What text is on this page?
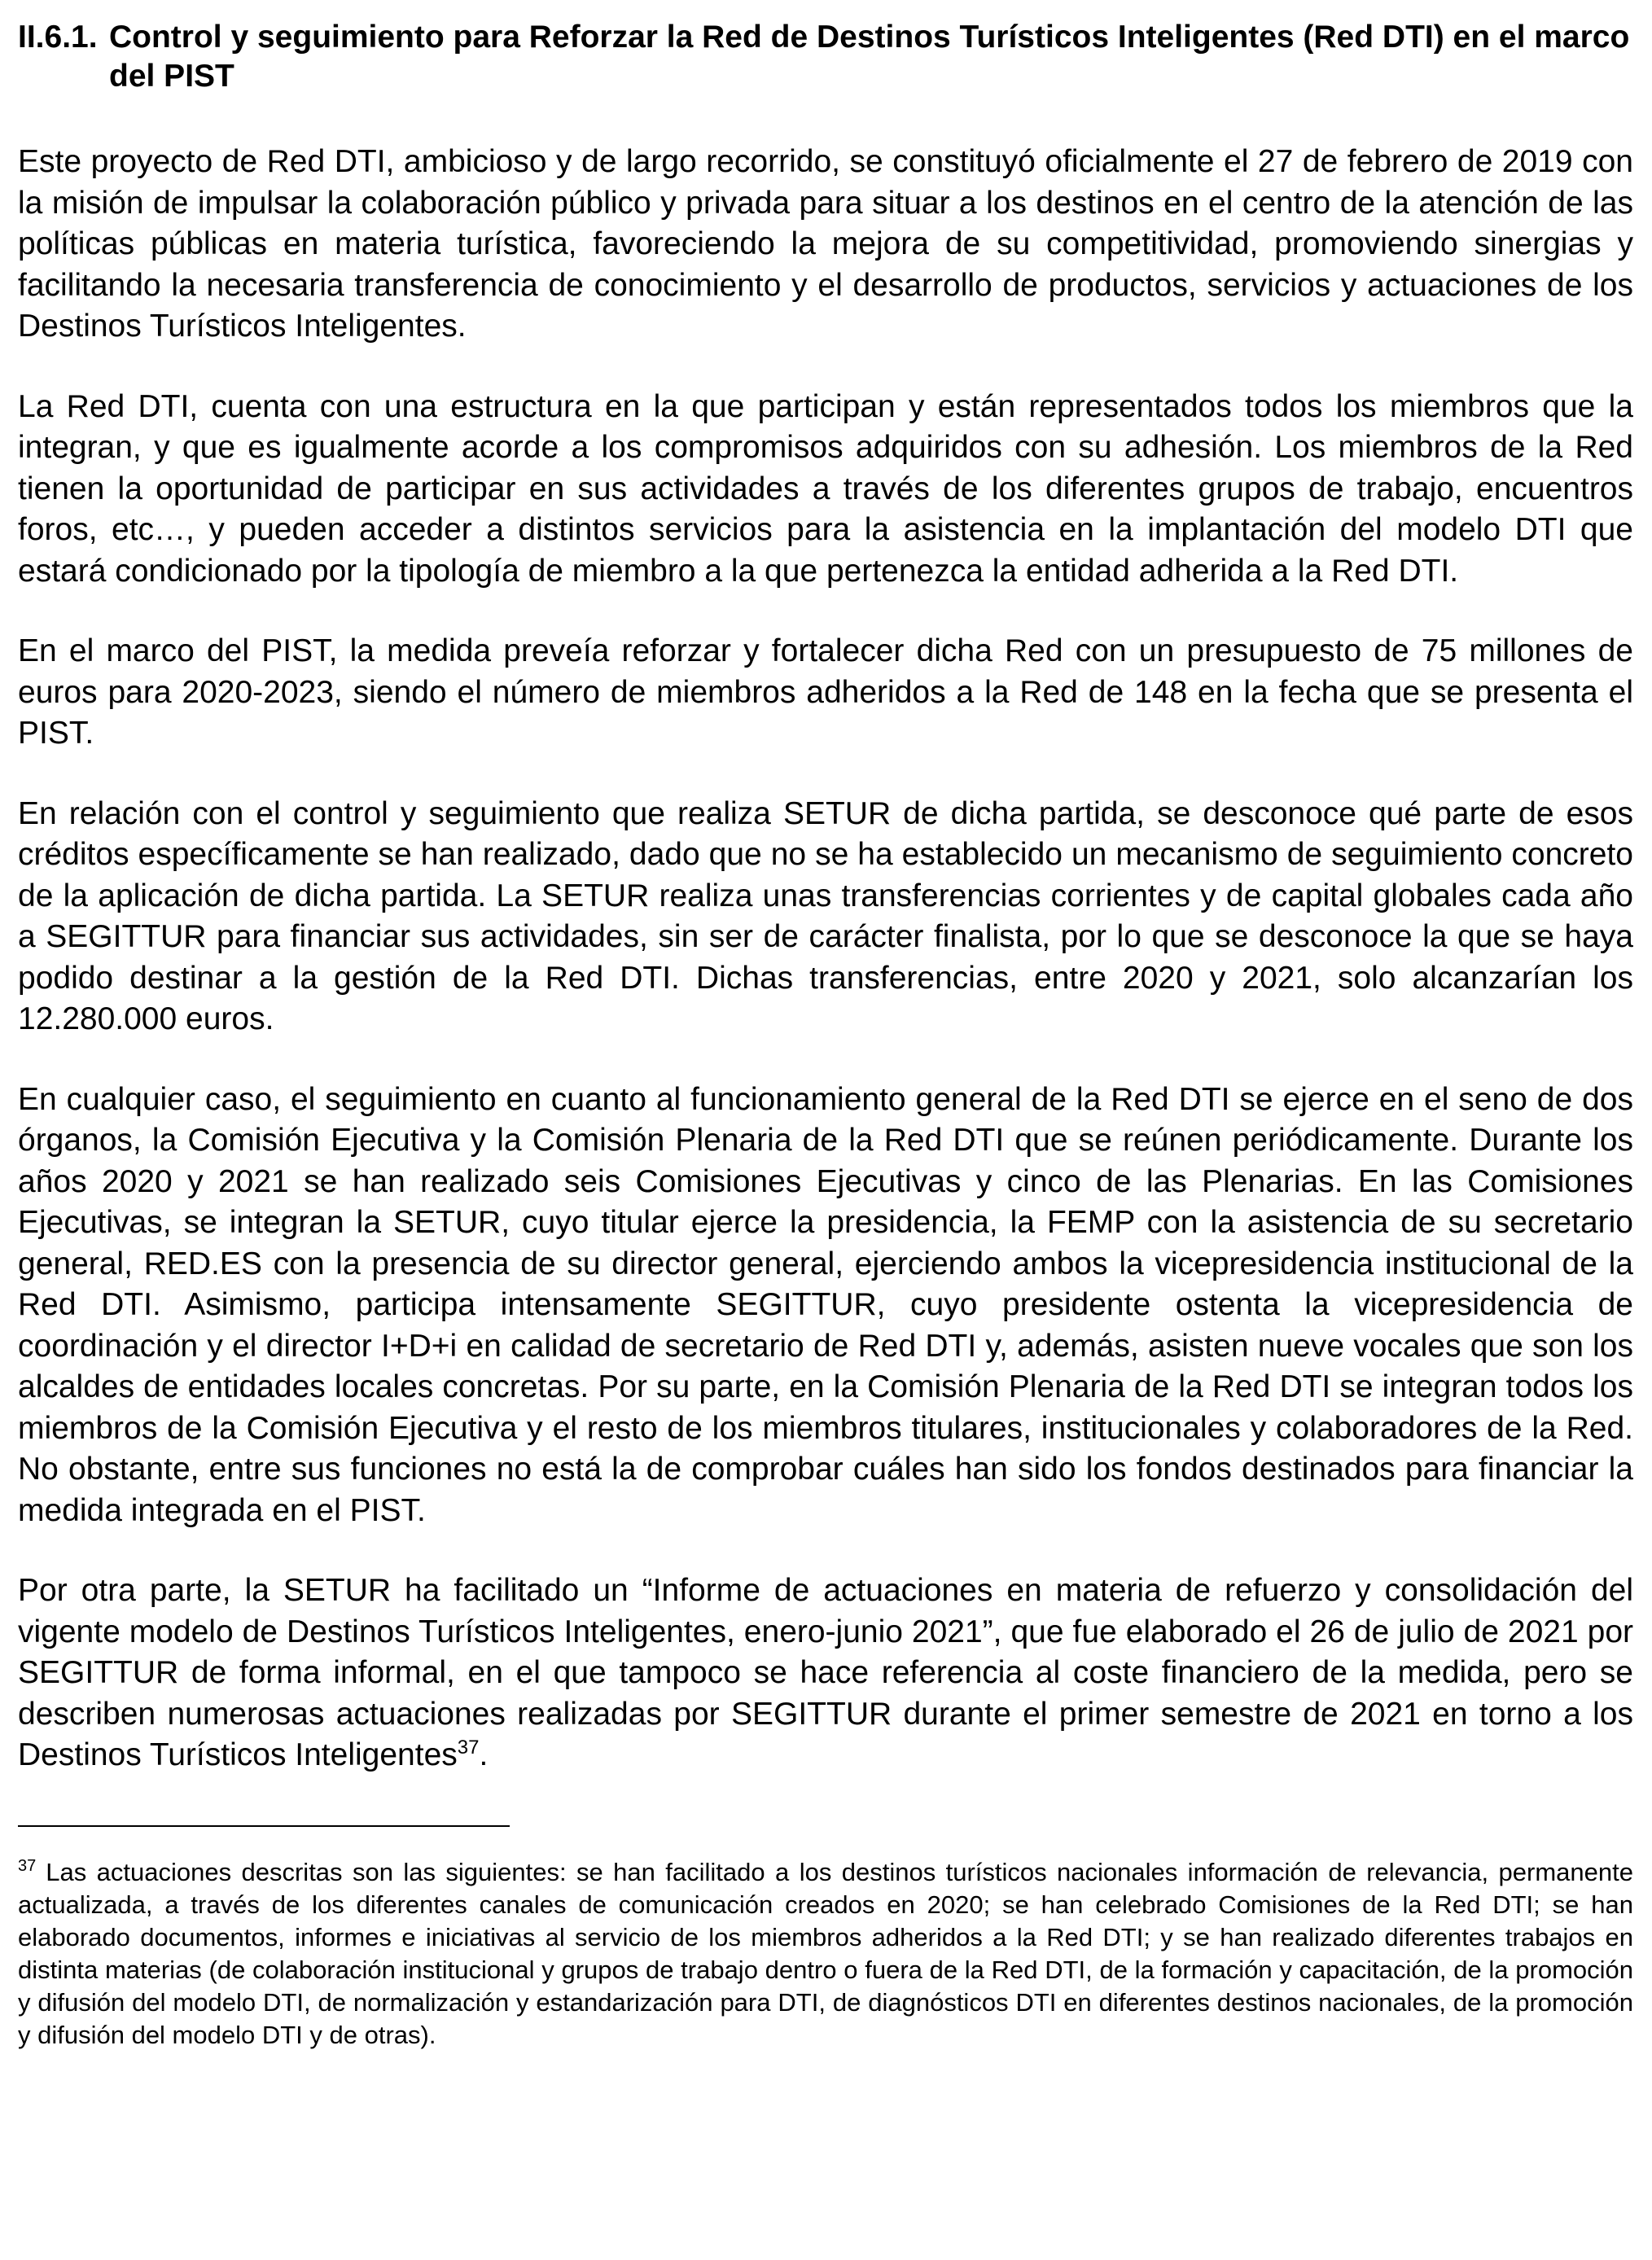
II.6.1. Control y seguimiento para Reforzar la Red de Destinos Turísticos Inteligentes (Red DTI) en el marco del PIST

Este proyecto de Red DTI, ambicioso y de largo recorrido, se constituyó oficialmente el 27 de febrero de 2019 con la misión de impulsar la colaboración público y privada para situar a los destinos en el centro de la atención de las políticas públicas en materia turística, favoreciendo la mejora de su competitividad, promoviendo sinergias y facilitando la necesaria transferencia de conocimiento y el desarrollo de productos, servicios y actuaciones de los Destinos Turísticos Inteligentes.

La Red DTI, cuenta con una estructura en la que participan y están representados todos los miembros que la integran, y que es igualmente acorde a los compromisos adquiridos con su adhesión. Los miembros de la Red tienen la oportunidad de participar en sus actividades a través de los diferentes grupos de trabajo, encuentros foros, etc…, y pueden acceder a distintos servicios para la asistencia en la implantación del modelo DTI que estará condicionado por la tipología de miembro a la que pertenezca la entidad adherida a la Red DTI.

En el marco del PIST, la medida preveía reforzar y fortalecer dicha Red con un presupuesto de 75 millones de euros para 2020-2023, siendo el número de miembros adheridos a la Red de 148 en la fecha que se presenta el PIST.

En relación con el control y seguimiento que realiza SETUR de dicha partida, se desconoce qué parte de esos créditos específicamente se han realizado, dado que no se ha establecido un mecanismo de seguimiento concreto de la aplicación de dicha partida. La SETUR realiza unas transferencias corrientes y de capital globales cada año a SEGITTUR para financiar sus actividades, sin ser de carácter finalista, por lo que se desconoce la que se haya podido destinar a la gestión de la Red DTI. Dichas transferencias, entre 2020 y 2021, solo alcanzarían los 12.280.000 euros.

En cualquier caso, el seguimiento en cuanto al funcionamiento general de la Red DTI se ejerce en el seno de dos órganos, la Comisión Ejecutiva y la Comisión Plenaria de la Red DTI que se reúnen periódicamente. Durante los años 2020 y 2021 se han realizado seis Comisiones Ejecutivas y cinco de las Plenarias. En las Comisiones Ejecutivas, se integran la SETUR, cuyo titular ejerce la presidencia, la FEMP con la asistencia de su secretario general, RED.ES con la presencia de su director general, ejerciendo ambos la vicepresidencia institucional de la Red DTI. Asimismo, participa intensamente SEGITTUR, cuyo presidente ostenta la vicepresidencia de coordinación y el director I+D+i en calidad de secretario de Red DTI y, además, asisten nueve vocales que son los alcaldes de entidades locales concretas. Por su parte, en la Comisión Plenaria de la Red DTI se integran todos los miembros de la Comisión Ejecutiva y el resto de los miembros titulares, institucionales y colaboradores de la Red. No obstante, entre sus funciones no está la de comprobar cuáles han sido los fondos destinados para financiar la medida integrada en el PIST.

Por otra parte, la SETUR ha facilitado un “Informe de actuaciones en materia de refuerzo y consolidación del vigente modelo de Destinos Turísticos Inteligentes, enero-junio 2021”, que fue elaborado el 26 de julio de 2021 por SEGITTUR de forma informal, en el que tampoco se hace referencia al coste financiero de la medida, pero se describen numerosas actuaciones realizadas por SEGITTUR durante el primer semestre de 2021 en torno a los Destinos Turísticos Inteligentes$^{37}$.

$^{37}$ Las actuaciones descritas son las siguientes: se han facilitado a los destinos turísticos nacionales información de relevancia, permanente actualizada, a través de los diferentes canales de comunicación creados en 2020; se han celebrado Comisiones de la Red DTI; se han elaborado documentos, informes e iniciativas al servicio de los miembros adheridos a la Red DTI; y se han realizado diferentes trabajos en distinta materias (de colaboración institucional y grupos de trabajo dentro o fuera de la Red DTI, de la formación y capacitación, de la promoción y difusión del modelo DTI, de normalización y estandarización para DTI, de diagnósticos DTI en diferentes destinos nacionales, de la promoción y difusión del modelo DTI y de otras).
